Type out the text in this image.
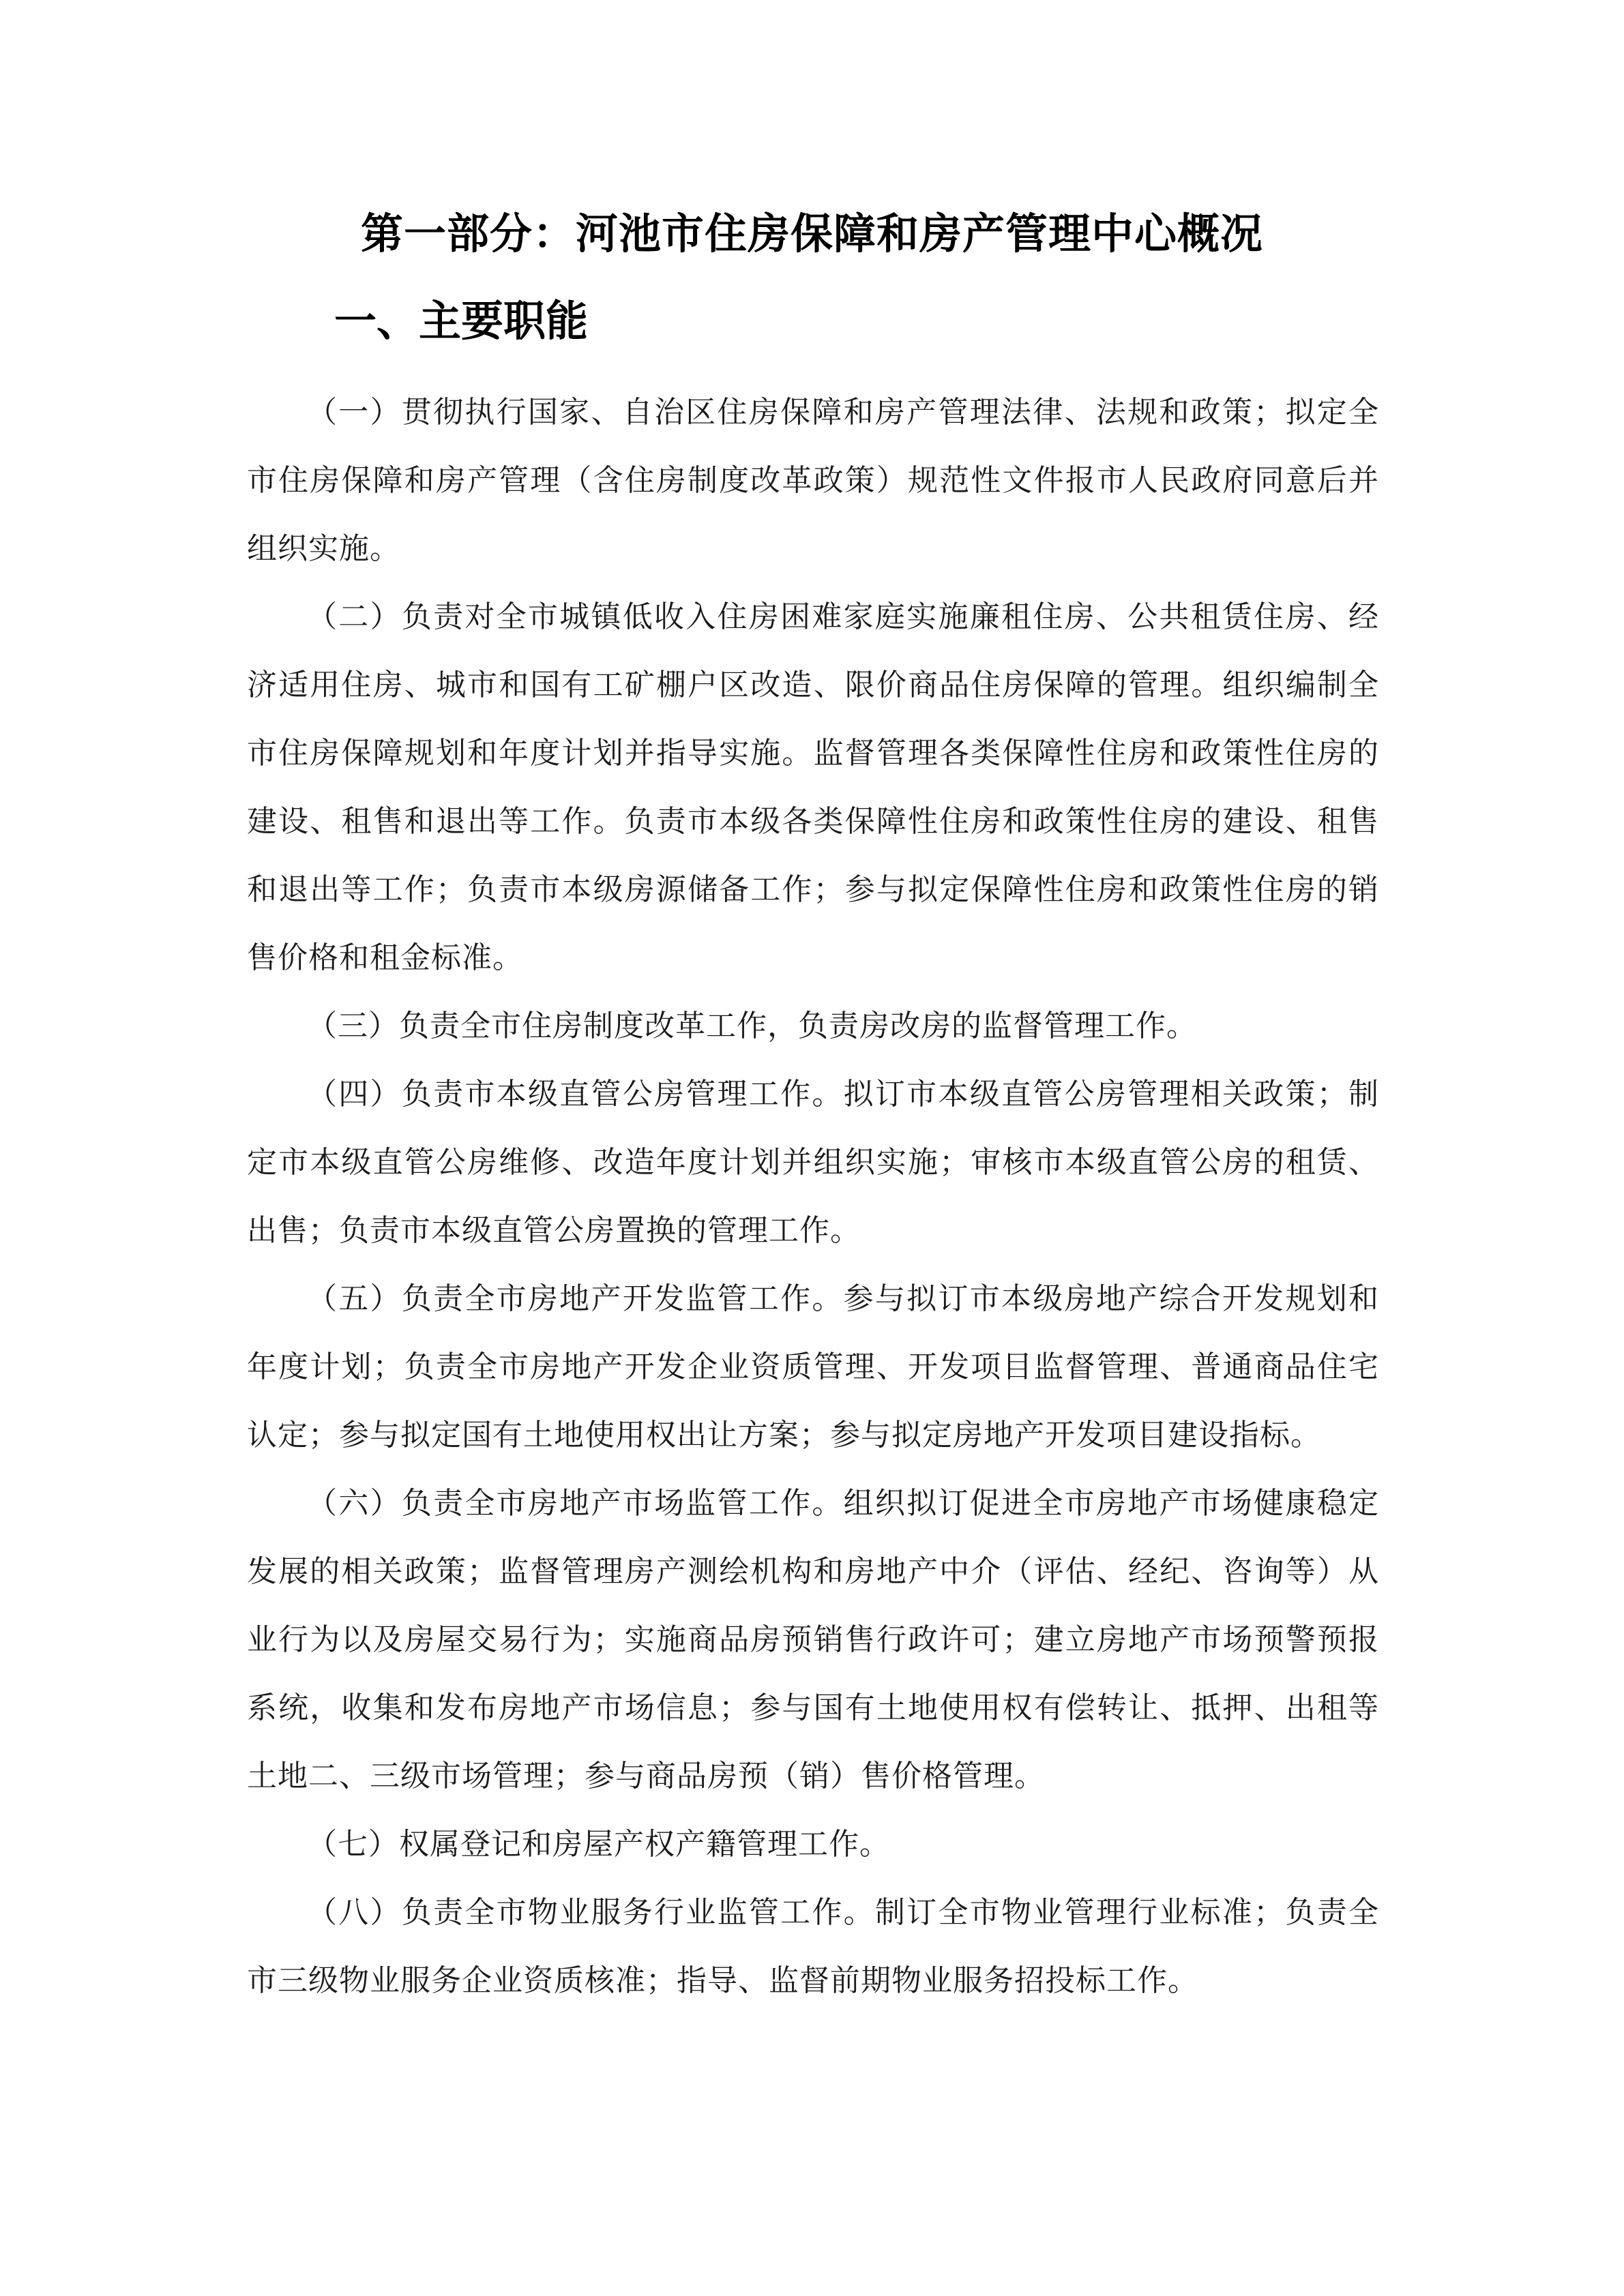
第一部分：河池市住房保障和房产管理中心概况
一、主要职能

（一）贯彻执行国家、自治区住房保障和房产管理法律、法规和政策；拟定全市住房保障和房产管理（含住房制度改革政策）规范性文件报市人民政府同意后并组织实施。

（二）负责对全市城镇低收入住房困难家庭实施廉租住房、公共租赁住房、经济适用住房、城市和国有工矿棚户区改造、限价商品住房保障的管理。组织编制全市住房保障规划和年度计划并指导实施。监督管理各类保障性住房和政策性住房的建设、租售和退出等工作。负责市本级各类保障性住房和政策性住房的建设、租售和退出等工作；负责市本级房源储备工作；参与拟定保障性住房和政策性住房的销售价格和租金标准。

（三）负责全市住房制度改革工作，负责房改房的监督管理工作。

（四）负责市本级直管公房管理工作。拟订市本级直管公房管理相关政策；制定市本级直管公房维修、改造年度计划并组织实施；审核市本级直管公房的租赁、出售；负责市本级直管公房置换的管理工作。

（五）负责全市房地产开发监管工作。参与拟订市本级房地产综合开发规划和年度计划；负责全市房地产开发企业资质管理、开发项目监督管理、普通商品住宅认定；参与拟定国有土地使用权出让方案；参与拟定房地产开发项目建设指标。

（六）负责全市房地产市场监管工作。组织拟订促进全市房地产市场健康稳定发展的相关政策；监督管理房产测绘机构和房地产中介（评估、经纪、咨询等）从业行为以及房屋交易行为；实施商品房预销售行政许可；建立房地产市场预警预报系统，收集和发布房地产市场信息；参与国有土地使用权有偿转让、抵押、出租等土地二、三级市场管理；参与商品房预（销）售价格管理。

（七）权属登记和房屋产权产籍管理工作。

（八）负责全市物业服务行业监管工作。制订全市物业管理行业标准；负责全市三级物业服务企业资质核准；指导、监督前期物业服务招投标工作。
